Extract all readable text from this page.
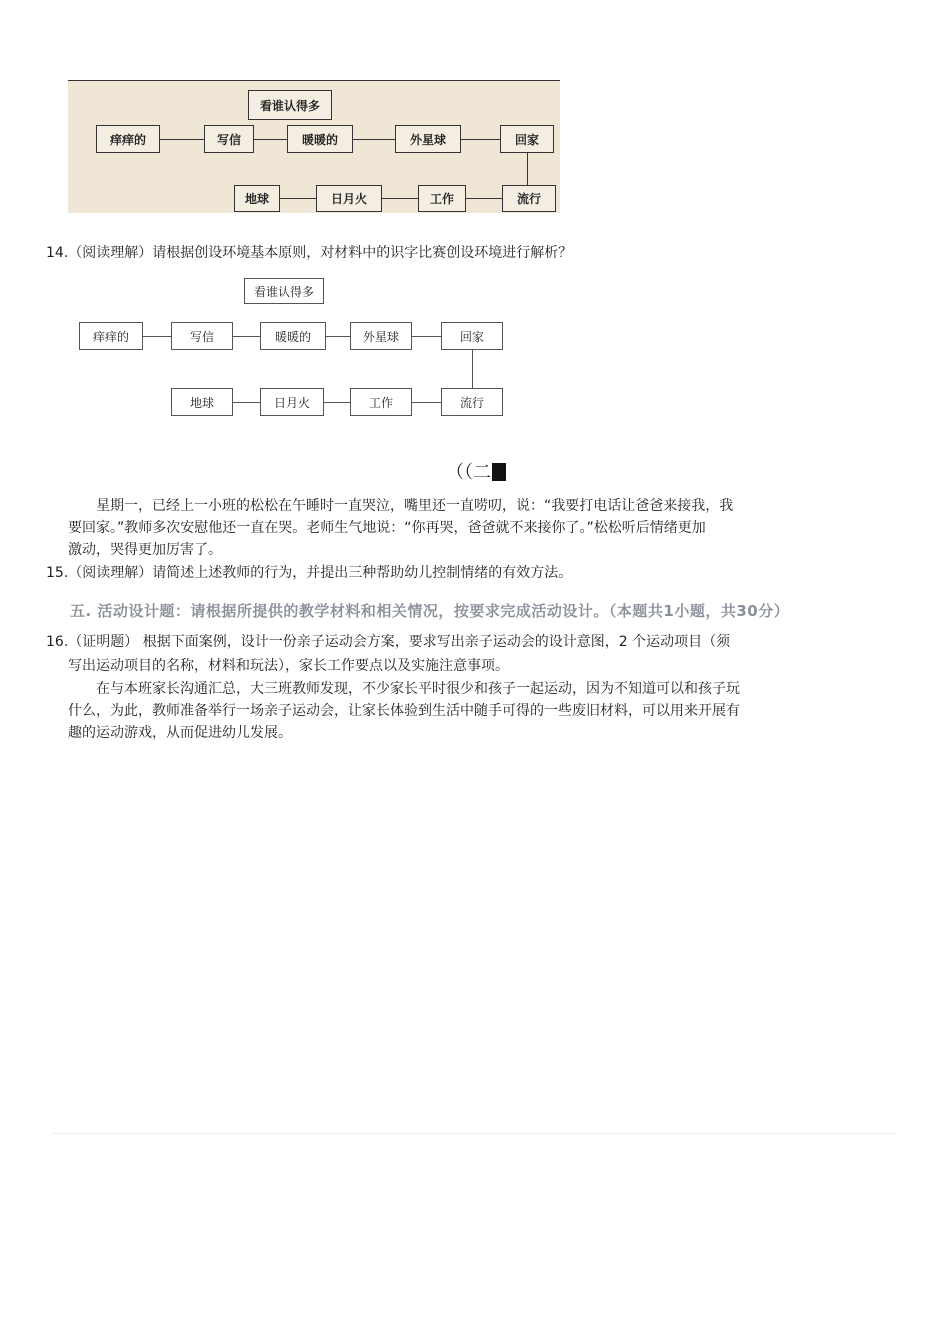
看谁认得多
痒痒的	写信	暖暖的	外星球	回家
地球	日月火	工作	流行
14.（阅读理解）请根据创设环境基本原则，对材料中的识字比赛创设环境进行解析？
看谁认得多
痒痒的	写信	暖暖的	外星球	回家
地球	日月火	工作	流行
（（二
星期一，已经上一小班的松松在午睡时一直哭泣，嘴里还一直唠叨，说：“我要打电话让爸爸来接我，我
要回家。”教师多次安慰他还一直在哭。老师生气地说：“你再哭，爸爸就不来接你了。”松松听后情绪更加
激动，哭得更加厉害了。
15.（阅读理解）请简述上述教师的行为，并提出三种帮助幼儿控制情绪的有效方法。
五. 活动设计题：请根据所提供的教学材料和相关情况，按要求完成活动设计。（本题共1小题，共30分）
16.（证明题） 根据下面案例，设计一份亲子运动会方案，要求写出亲子运动会的设计意图，2 个运动项目（须
写出运动项目的名称，材料和玩法），家长工作要点以及实施注意事项。
在与本班家长沟通汇总，大三班教师发现，不少家长平时很少和孩子一起运动，因为不知道可以和孩子玩
什么，为此，教师准备举行一场亲子运动会，让家长体验到生活中随手可得的一些废旧材料，可以用来开展有
趣的运动游戏，从而促进幼儿发展。
